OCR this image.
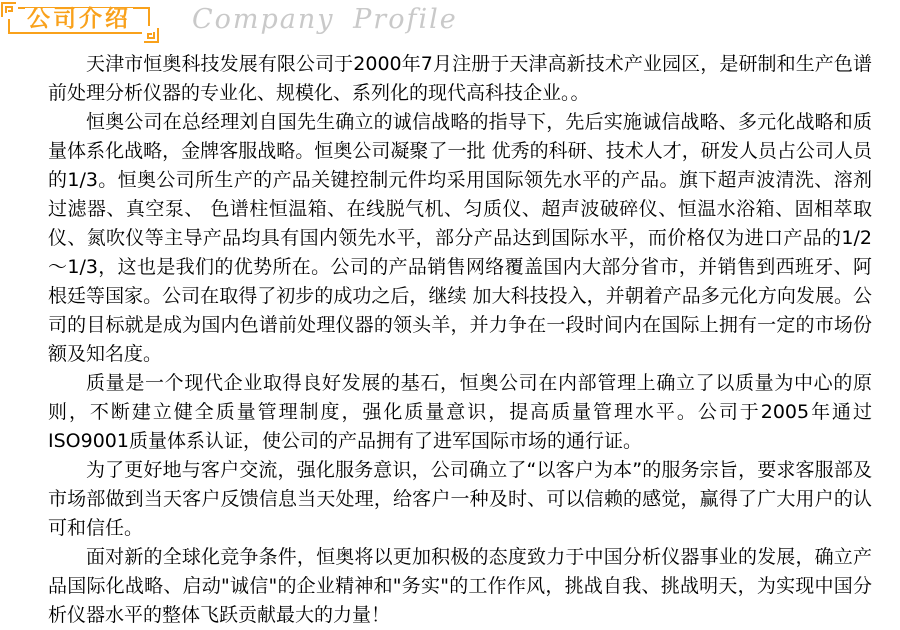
公司介绍 Company Profile

天津市恒奥科技发展有限公司于2000年7月注册于天津高新技术产业园区，是研制和生产色谱前处理分析仪器的专业化、规模化、系列化的现代高科技企业。。

恒奥公司在总经理刘自国先生确立的诚信战略的指导下，先后实施诚信战略、多元化战略和质量体系化战略，金牌客服战略。恒奥公司凝聚了一批 优秀的科研、技术人才，研发人员占公司人员的1/3。恒奥公司所生产的产品关键控制元件均采用国际领先水平的产品。旗下超声波清洗、溶剂过滤器、真空泵、 色谱柱恒温箱、在线脱气机、匀质仪、超声波破碎仪、恒温水浴箱、固相萃取仪、氮吹仪等主导产品均具有国内领先水平，部分产品达到国际水平，而价格仅为进口产品的1/2～1/3，这也是我们的优势所在。公司的产品销售网络覆盖国内大部分省市，并销售到西班牙、阿根廷等国家。公司在取得了初步的成功之后，继续 加大科技投入，并朝着产品多元化方向发展。公司的目标就是成为国内色谱前处理仪器的领头羊，并力争在一段时间内在国际上拥有一定的市场份额及知名度。

质量是一个现代企业取得良好发展的基石，恒奥公司在内部管理上确立了以质量为中心的原则，不断建立健全质量管理制度，强化质量意识，提高质量管理水平。公司于2005年通过ISO9001质量体系认证，使公司的产品拥有了进军国际市场的通行证。

为了更好地与客户交流，强化服务意识，公司确立了“以客户为本”的服务宗旨，要求客服部及市场部做到当天客户反馈信息当天处理，给客户一种及时、可以信赖的感觉，赢得了广大用户的认可和信任。

面对新的全球化竞争条件，恒奥将以更加积极的态度致力于中国分析仪器事业的发展，确立产品国际化战略、启动"诚信"的企业精神和"务实"的工作作风，挑战自我、挑战明天，为实现中国分析仪器水平的整体飞跃贡献最大的力量！
